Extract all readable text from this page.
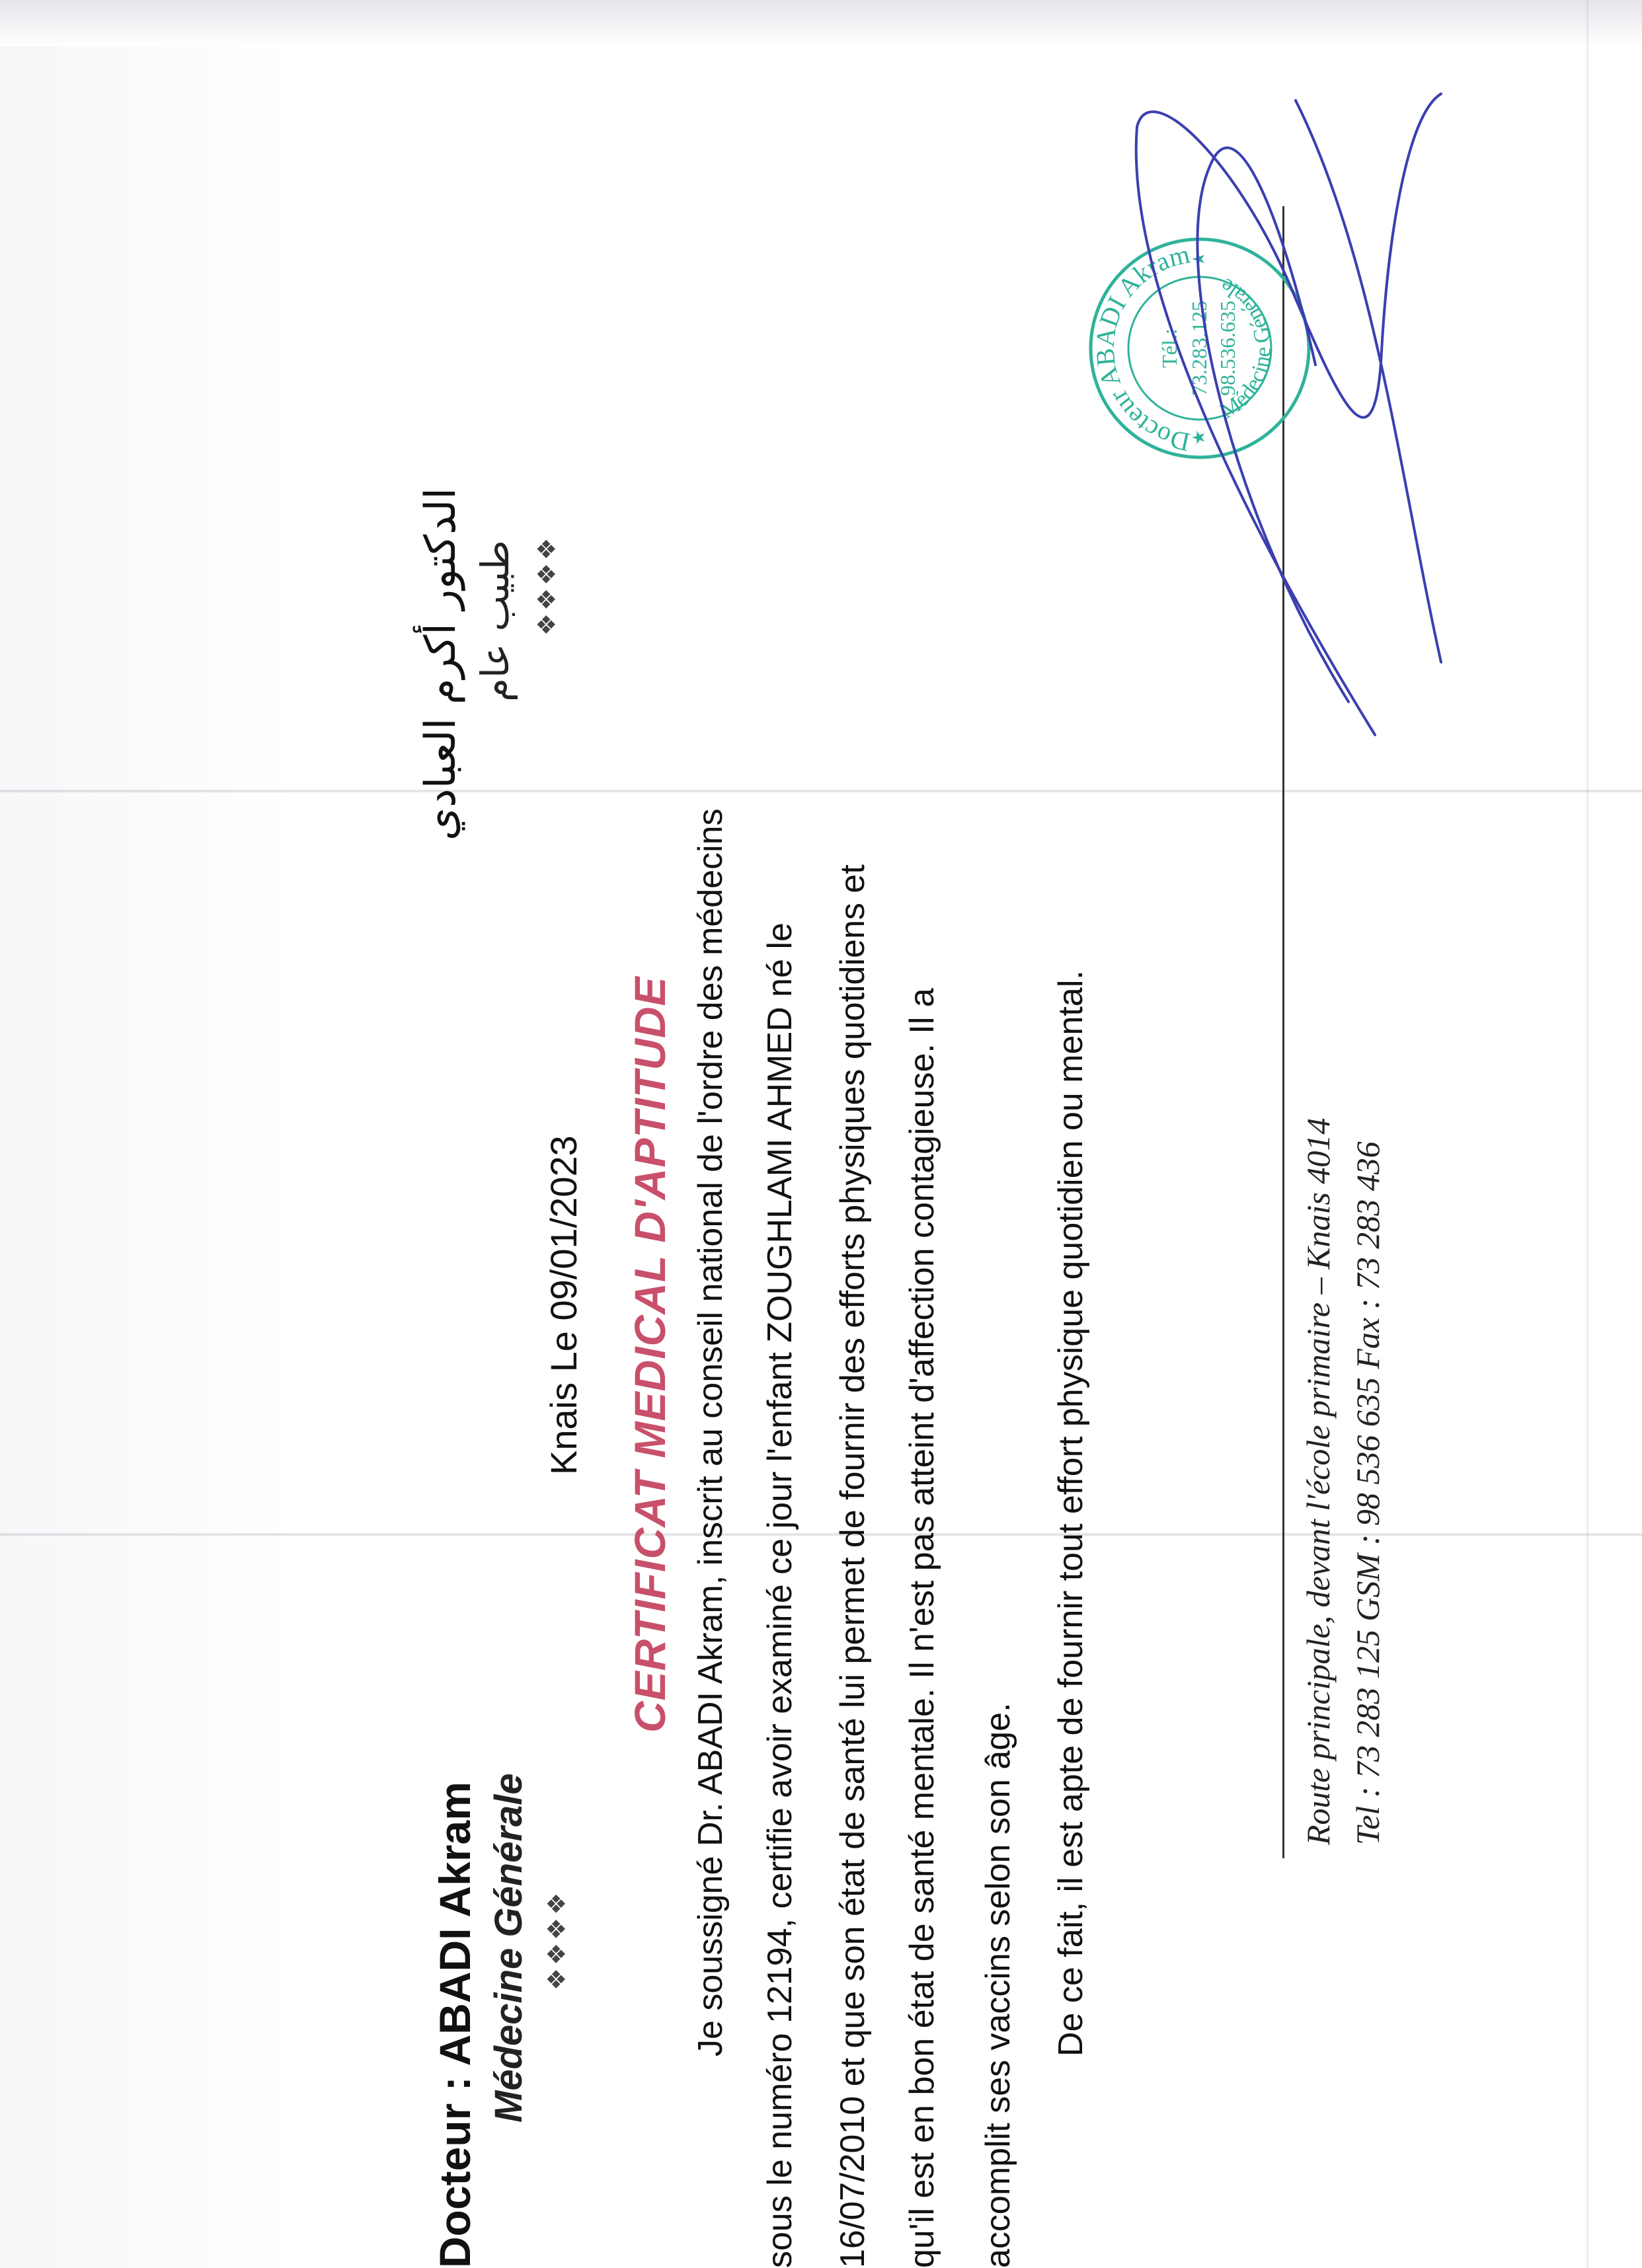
Docteur : ABADI Akram Médecine Générale ❖❖❖❖
الدكتور أكرم العبادي طبيب عام ❖❖❖❖
Knais Le 09/01/2023 CERTIFICAT MEDICAL D'APTITUDE Je soussigné Dr. ABADI Akram, inscrit au conseil national de l'ordre des médecins sous le numéro 12194, certifie avoir examiné ce jour l'enfant ZOUGHLAMI AHMED né le 16/07/2010 et que son état de santé lui permet de fournir des efforts physiques quotidiens et qu'il est en bon état de santé mentale. Il n'est pas atteint d'affection contagieuse. Il a accomplit ses vaccins selon son âge. De ce fait, il est apte de fournir tout effort physique quotidien ou mental.	Route principale, devant l'école primaire – Knais 4014 Tel : 73 283 125 GSM : 98 536 635 Fax : 73 283 436
Docteur ABADI Akram
Médecine Générale
Tél.: 73.283.125 98.536.635
★
★
